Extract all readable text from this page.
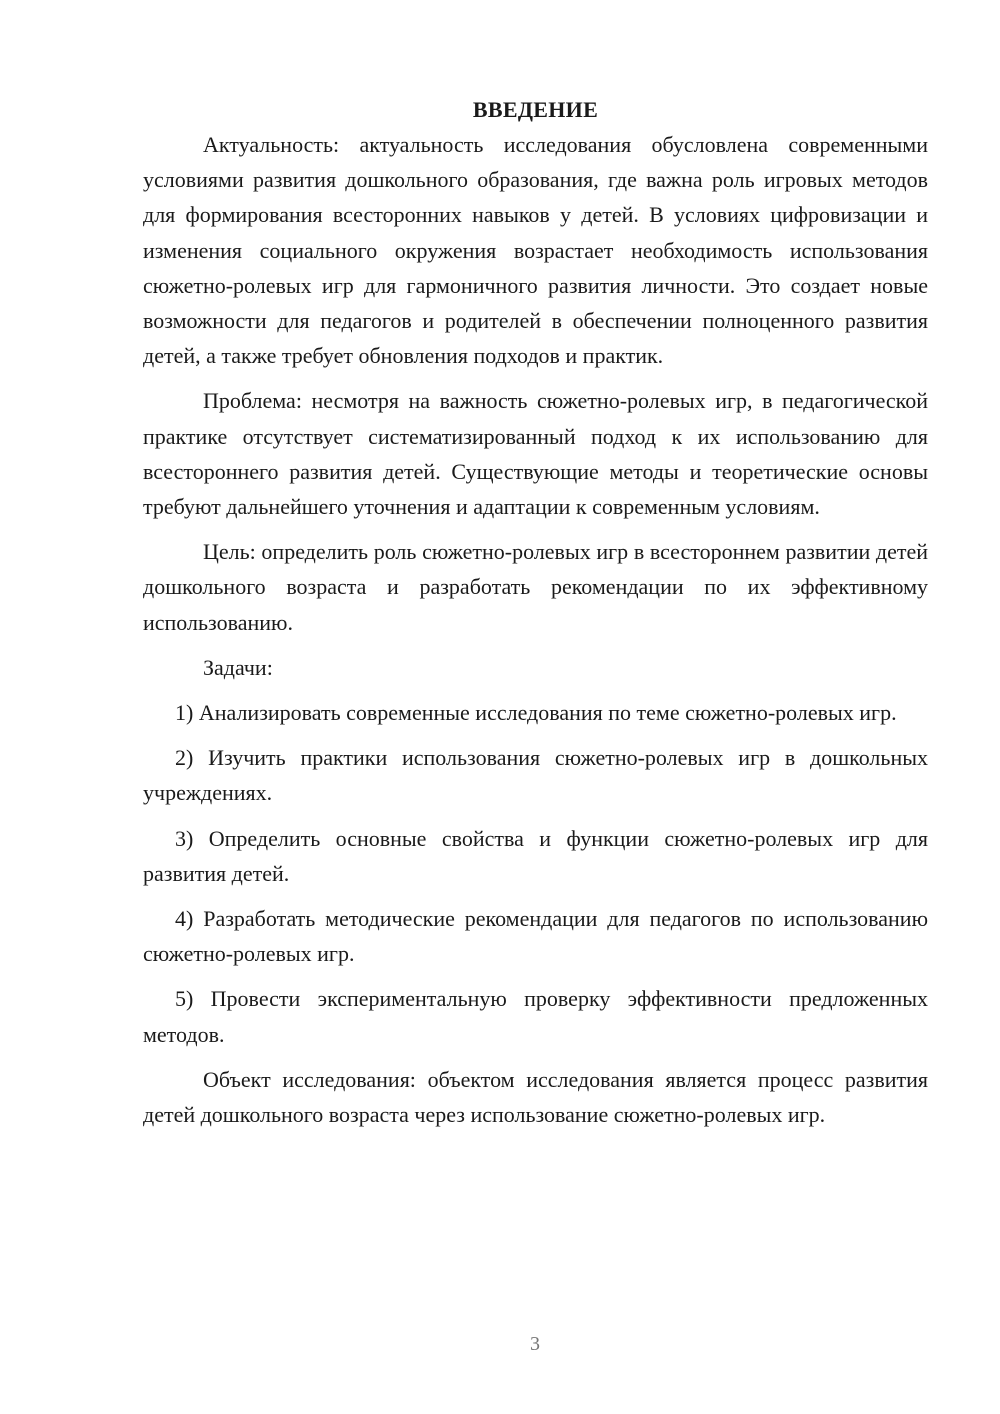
ВВЕДЕНИЕ

Актуальность: актуальность исследования обусловлена современными условиями развития дошкольного образования, где важна роль игровых методов для формирования всесторонних навыков у детей. В условиях цифровизации и изменения социального окружения возрастает необходимость использования сюжетно-ролевых игр для гармоничного развития личности. Это создает новые возможности для педагогов и родителей в обеспечении полноценного развития детей, а также требует обновления подходов и практик.

Проблема: несмотря на важность сюжетно-ролевых игр, в педагогической практике отсутствует систематизированный подход к их использованию для всестороннего развития детей. Существующие методы и теоретические основы требуют дальнейшего уточнения и адаптации к современным условиям.

Цель: определить роль сюжетно-ролевых игр в всестороннем развитии детей дошкольного возраста и разработать рекомендации по их эффективному использованию.

Задачи:

1) Анализировать современные исследования по теме сюжетно-ролевых игр.

2) Изучить практики использования сюжетно-ролевых игр в дошкольных учреждениях.

3) Определить основные свойства и функции сюжетно-ролевых игр для развития детей.

4) Разработать методические рекомендации для педагогов по использованию сюжетно-ролевых игр.

5) Провести экспериментальную проверку эффективности предложенных методов.

Объект исследования: объектом исследования является процесс развития детей дошкольного возраста через использование сюжетно-ролевых игр.

3
